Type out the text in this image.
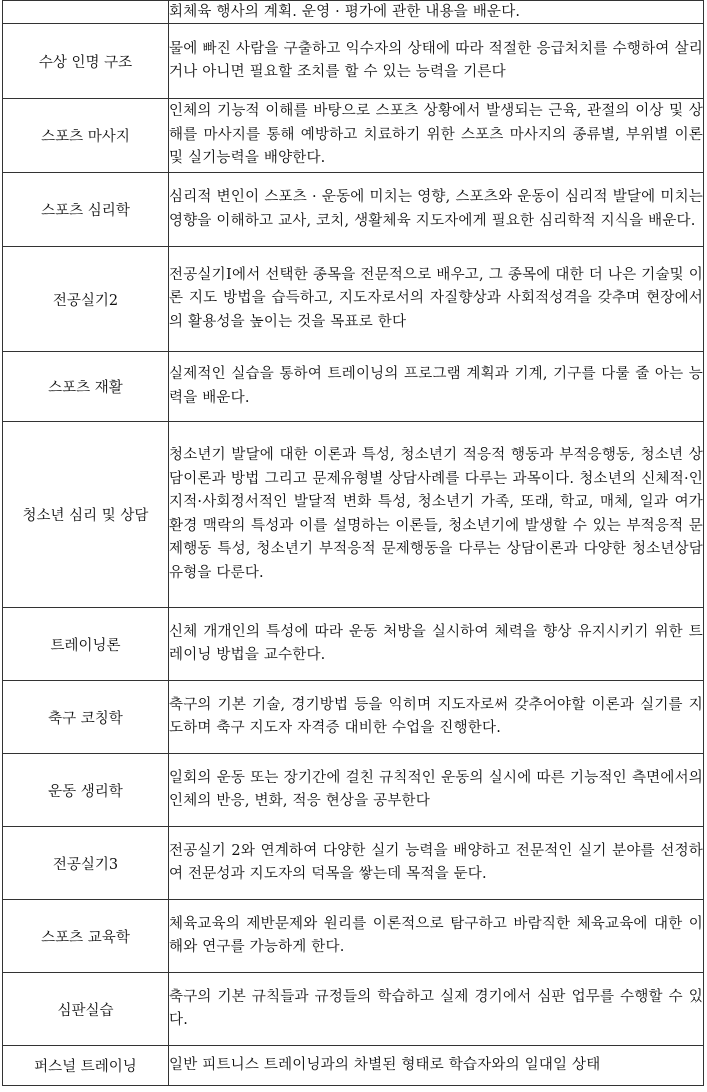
	회체육 행사의 계획. 운영 · 평가에 관한 내용을 배운다.
수상 인명 구조	물에 빠진 사람을 구출하고 익수자의 상태에 따라 적절한 응급처치를 수행하여 살리거나 아니면 필요할 조치를 할 수 있는 능력을 기른다
스포츠 마사지	인체의 기능적 이해를 바탕으로 스포츠 상황에서 발생되는 근육, 관절의 이상 및 상해를 마사지를 통해 예방하고 치료하기 위한 스포츠 마사지의 종류별, 부위별 이론 및 실기능력을 배양한다.
스포츠 심리학	심리적 변인이 스포츠 · 운동에 미치는 영향, 스포츠와 운동이 심리적 발달에 미치는 영향을 이해하고 교사, 코치, 생활체육 지도자에게 필요한 심리학적 지식을 배운다.
전공실기2	전공실기Ⅰ에서 선택한 종목을 전문적으로 배우고, 그 종목에 대한 더 나은 기술및 이론 지도 방법을 습득하고, 지도자로서의 자질향상과 사회적성격을 갖추며 현장에서의 활용성을 높이는 것을 목표로 한다
스포츠 재활	실제적인 실습을 통하여 트레이닝의 프로그램 계획과 기계, 기구를 다룰 줄 아는 능력을 배운다.
청소년 심리 및 상담	청소년기 발달에 대한 이론과 특성, 청소년기 적응적 행동과 부적응행동, 청소년 상담이론과 방법 그리고 문제유형별 상담사례를 다루는 과목이다. 청소년의 신체적·인지적·사회정서적인 발달적 변화 특성, 청소년기 가족, 또래, 학교, 매체, 일과 여가 환경 맥락의 특성과 이를 설명하는 이론들, 청소년기에 발생할 수 있는 부적응적 문제행동 특성, 청소년기 부적응적 문제행동을 다루는 상담이론과 다양한 청소년상담 유형을 다룬다.
트레이닝론	신체 개개인의 특성에 따라 운동 처방을 실시하여 체력을 향상 유지시키기 위한 트레이닝 방법을 교수한다.
축구 코칭학	축구의 기본 기술, 경기방법 등을 익히며 지도자로써 갖추어야할 이론과 실기를 지도하며 축구 지도자 자격증 대비한 수업을 진행한다.
운동 생리학	일회의 운동 또는 장기간에 걸친 규칙적인 운동의 실시에 따른 기능적인 측면에서의 인체의 반응, 변화, 적응 현상을 공부한다
전공실기3	전공실기 2와 연계하여 다양한 실기 능력을 배양하고 전문적인 실기 분야를 선정하여 전문성과 지도자의 덕목을 쌓는데 목적을 둔다.
스포츠 교육학	체육교육의 제반문제와 원리를 이론적으로 탐구하고 바람직한 체육교육에 대한 이해와 연구를 가능하게 한다.
심판실습	축구의 기본 규칙들과 규정들의 학습하고 실제 경기에서 심판 업무를 수행할 수 있다.
퍼스널 트레이닝	일반 피트니스 트레이닝과의 차별된 형태로 학습자와의 일대일 상태
